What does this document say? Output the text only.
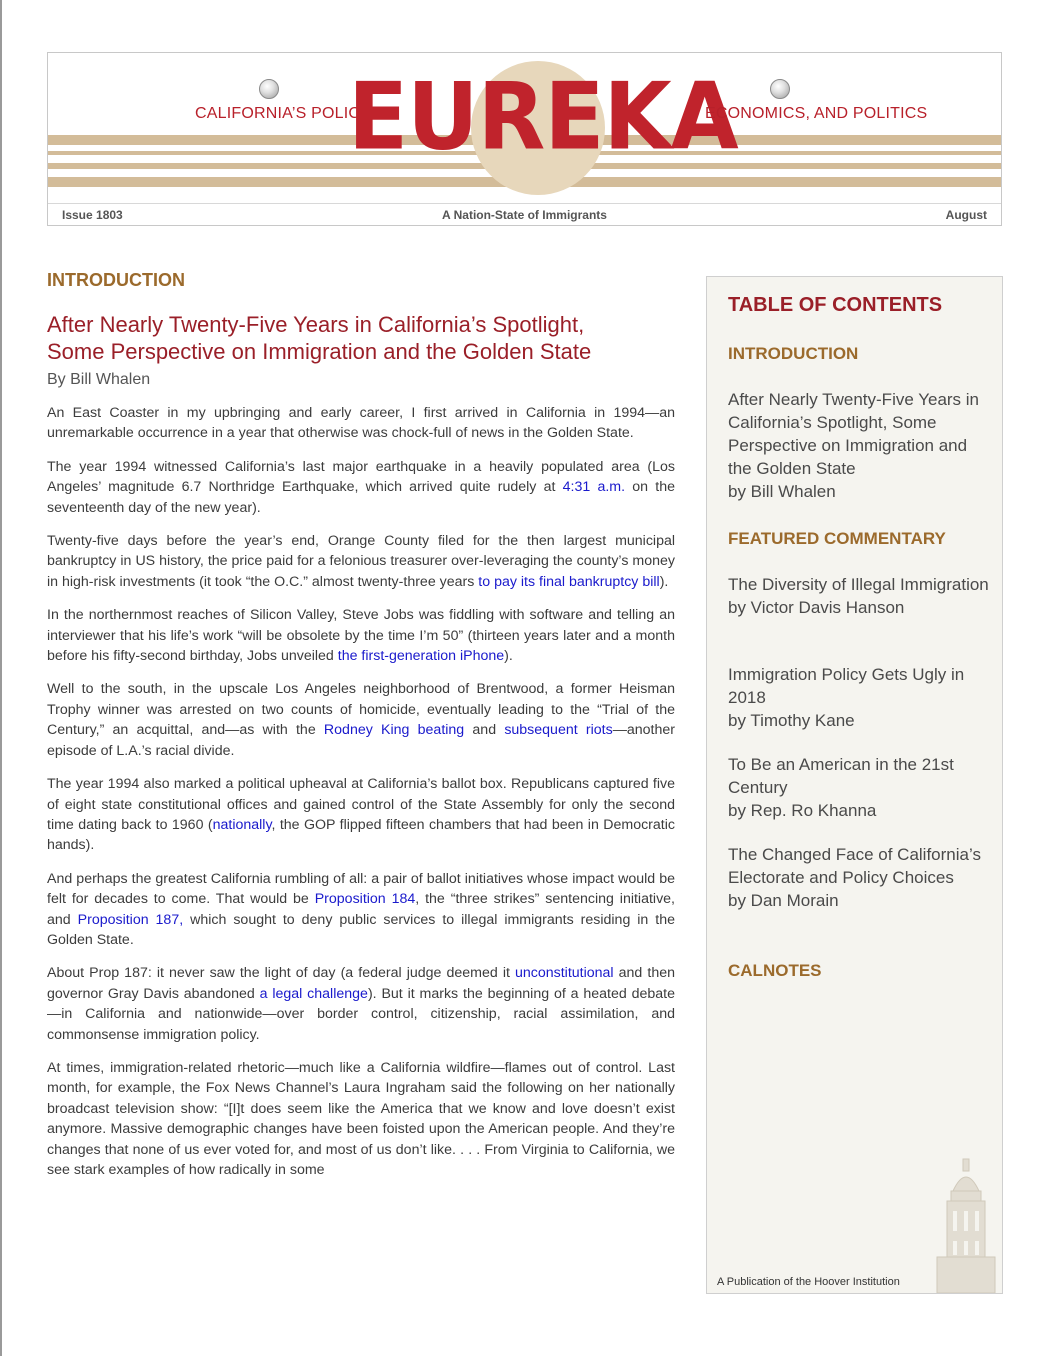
CALIFORNIA’S POLICY
EUREKA
ECONOMICS, AND POLITICS
Issue 1803	A Nation-State of Immigrants	August
INTRODUCTION
After Nearly Twenty-Five Years in California’s Spotlight,
Some Perspective on Immigration and the Golden State
By Bill Whalen

An East Coaster in my upbringing and early career, I first arrived in California in 1994—an unremarkable occurrence in a year that otherwise was chock-full of news in the Golden State.

The year 1994 witnessed California’s last major earthquake in a heavily populated area (Los Angeles’ magnitude 6.7 Northridge Earthquake, which arrived quite rudely at 4:31 a.m. on the seventeenth day of the new year).

Twenty-five days before the year’s end, Orange County filed for the then largest municipal bankruptcy in US history, the price paid for a felonious treasurer over-leveraging the county’s money in high-risk investments (it took “the O.C.” almost twenty-three years to pay its final bankruptcy bill).

In the northernmost reaches of Silicon Valley, Steve Jobs was fiddling with software and telling an interviewer that his life’s work “will be obsolete by the time I’m 50” (thirteen years later and a month before his fifty-second birthday, Jobs unveiled the first-generation iPhone).

Well to the south, in the upscale Los Angeles neighborhood of Brentwood, a former Heisman Trophy winner was arrested on two counts of homicide, eventually leading to the “Trial of the Century,” an acquittal, and—as with the Rodney King beating and subsequent riots—another episode of L.A.’s racial divide.

The year 1994 also marked a political upheaval at California’s ballot box. Republicans captured five of eight state constitutional offices and gained control of the State Assembly for only the second time dating back to 1960 (nationally, the GOP flipped fifteen chambers that had been in Democratic hands).

And perhaps the greatest California rumbling of all: a pair of ballot initiatives whose impact would be felt for decades to come. That would be Proposition 184, the “three strikes” sentencing initiative, and Proposition 187, which sought to deny public services to illegal immigrants residing in the Golden State.

About Prop 187: it never saw the light of day (a federal judge deemed it unconstitutional and then governor Gray Davis abandoned a legal challenge). But it marks the beginning of a heated debate—in California and nationwide—over border control, citizenship, racial assimilation, and commonsense immigration policy.

At times, immigration-related rhetoric—much like a California wildfire—flames out of control. Last month, for example, the Fox News Channel’s Laura Ingraham said the following on her nationally broadcast television show: “[I]t does seem like the America that we know and love doesn’t exist anymore. Massive demographic changes have been foisted upon the American people. And they’re changes that none of us ever voted for, and most of us don’t like. . . . From Virginia to California, we see stark examples of how radically in some

TABLE OF CONTENTS
INTRODUCTION
After Nearly Twenty-Five Years in California’s Spotlight, Some Perspective on Immigration and the Golden State
by Bill Whalen
FEATURED COMMENTARY
The Diversity of Illegal Immigration
by Victor Davis Hanson
Immigration Policy Gets Ugly in 2018
by Timothy Kane
To Be an American in the 21st Century
by Rep. Ro Khanna
The Changed Face of California’s Electorate and Policy Choices
by Dan Morain
CALNOTES
A Publication of the Hoover Institution
